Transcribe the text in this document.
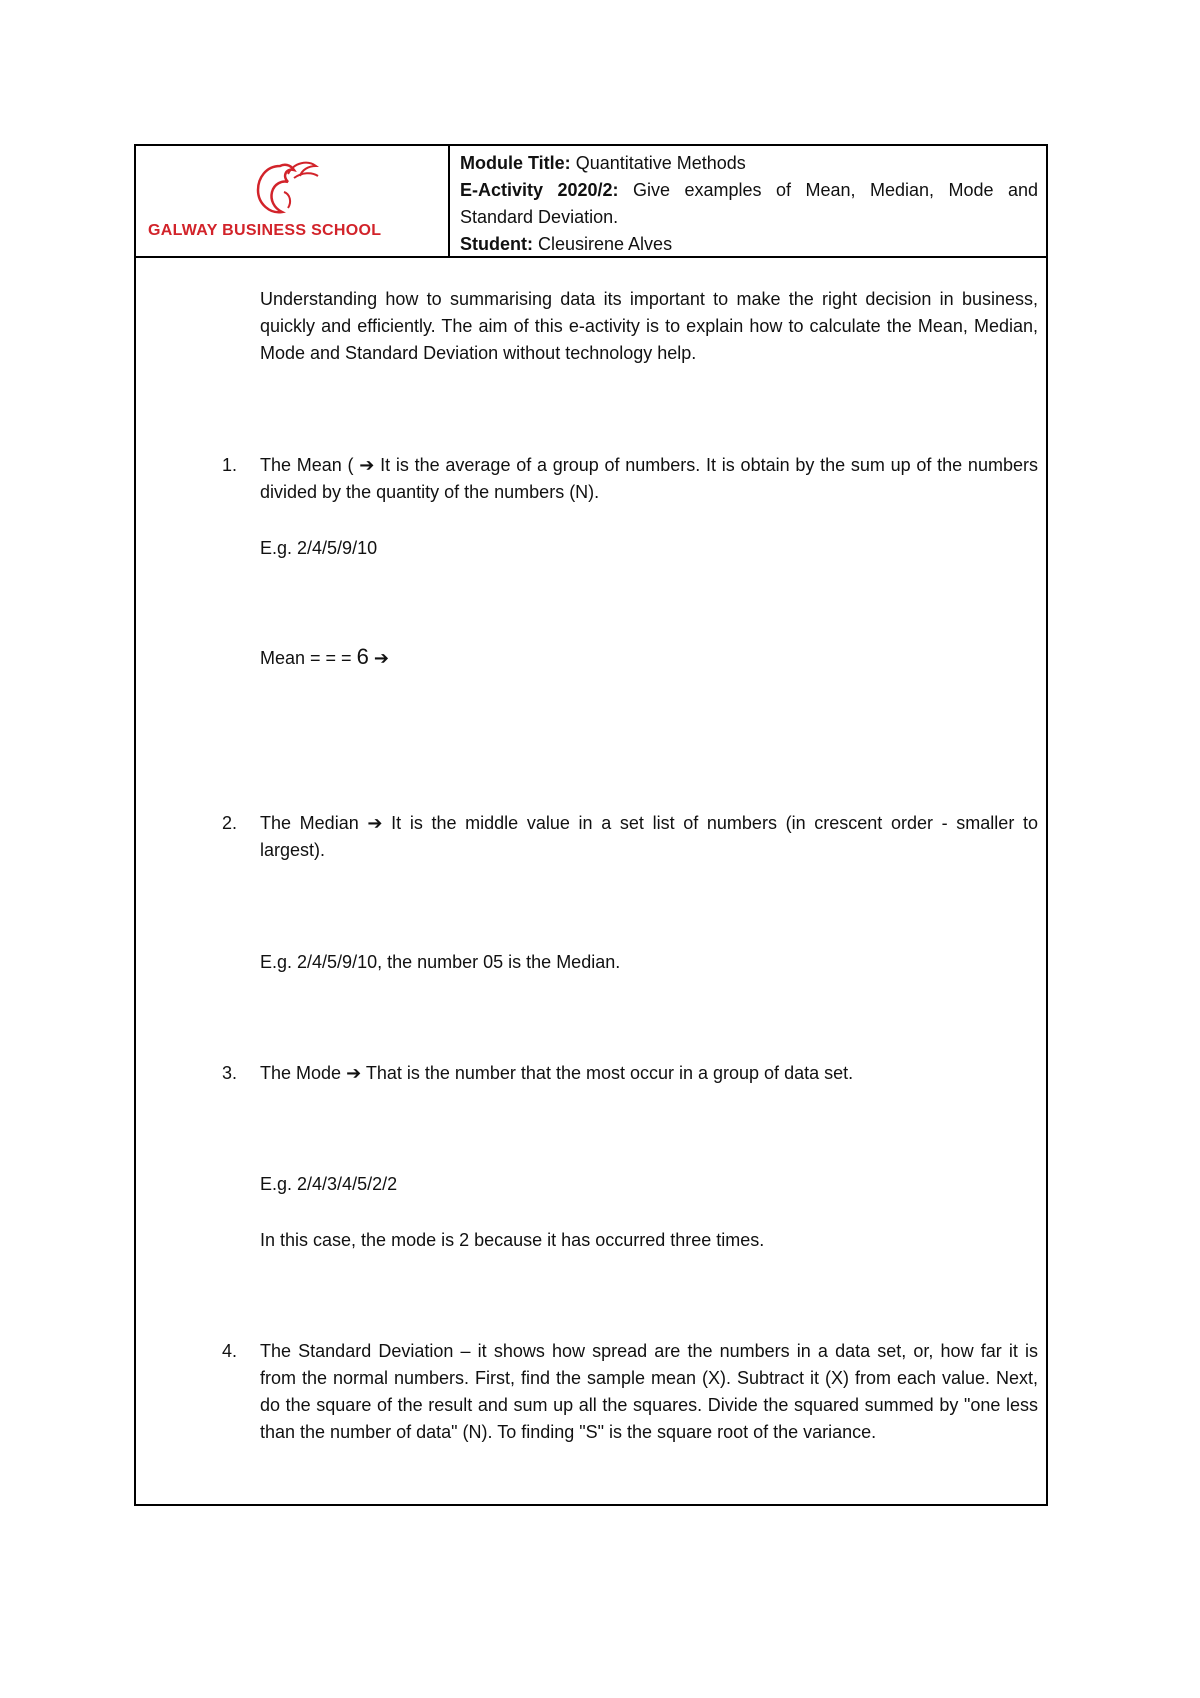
GALWAY BUSINESS SCHOOL
Module Title: Quantitative Methods
E-Activity 2020/2: Give examples of Mean, Median, Mode and Standard Deviation.
Student: Cleusirene Alves
Understanding how to summarising data its important to make the right decision in business, quickly and efficiently. The aim of this e-activity is to explain how to calculate the Mean, Median, Mode and Standard Deviation without technology help.
1.	The Mean ( ➔ It is the average of a group of numbers. It is obtain by the sum up of the numbers divided by the quantity of the numbers (N).
E.g. 2/4/5/9/10
Mean = = = 6 ➔
2.	The Median ➔ It is the middle value in a set list of numbers (in crescent order - smaller to largest).
E.g. 2/4/5/9/10, the number 05 is the Median.
3.	The Mode ➔ That is the number that the most occur in a group of data set.
E.g. 2/4/3/4/5/2/2
In this case, the mode is 2 because it has occurred three times.
4.	The Standard Deviation – it shows how spread are the numbers in a data set, or, how far it is from the normal numbers. First, find the sample mean (X). Subtract it (X) from each value. Next, do the square of the result and sum up all the squares. Divide the squared summed by "one less than the number of data" (N). To finding "S" is the square root of the variance.
